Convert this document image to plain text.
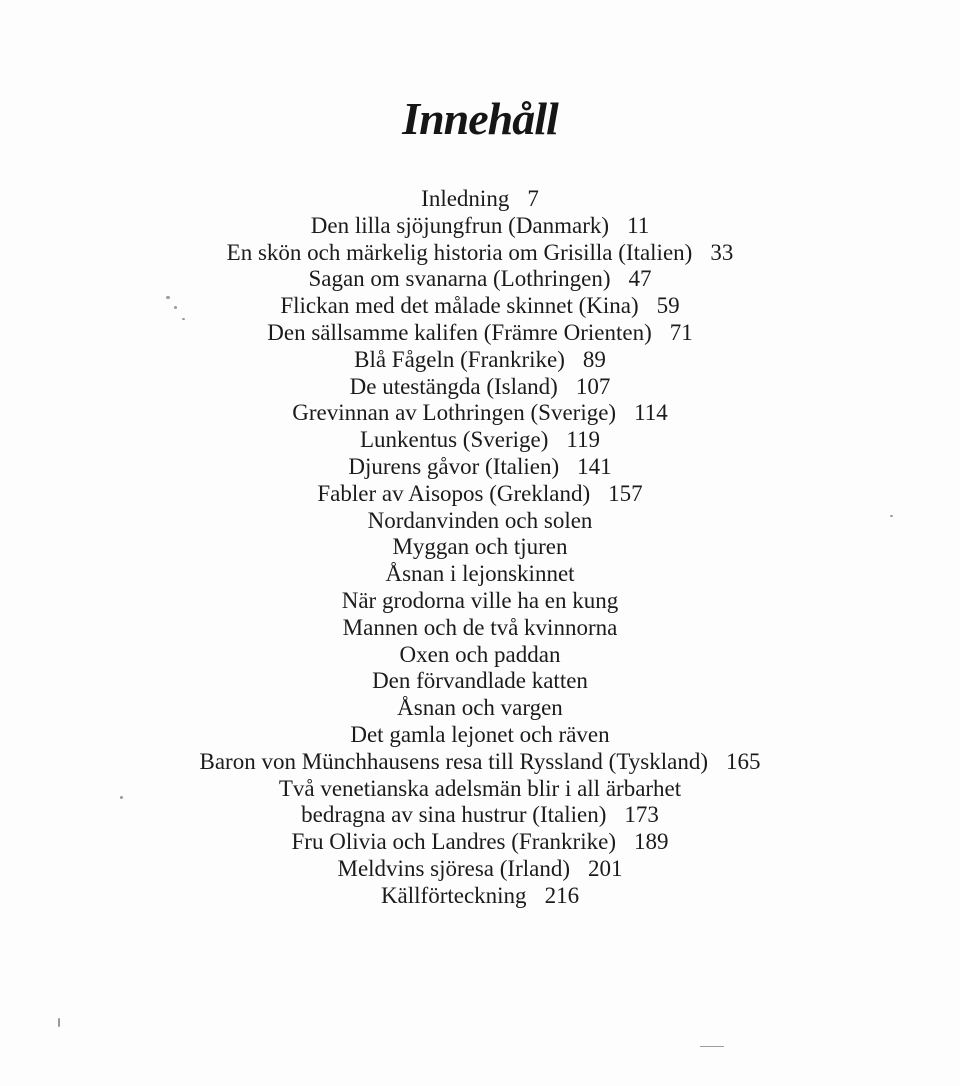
Innehåll
Inledning 7
Den lilla sjöjungfrun (Danmark) 11
En skön och märkelig historia om Grisilla (Italien) 33
Sagan om svanarna (Lothringen) 47
Flickan med det målade skinnet (Kina) 59
Den sällsamme kalifen (Främre Orienten) 71
Blå Fågeln (Frankrike) 89
De utestängda (Island) 107
Grevinnan av Lothringen (Sverige) 114
Lunkentus (Sverige) 119
Djurens gåvor (Italien) 141
Fabler av Aisopos (Grekland) 157
Nordanvinden och solen
Myggan och tjuren
Åsnan i lejonskinnet
När grodorna ville ha en kung
Mannen och de två kvinnorna
Oxen och paddan
Den förvandlade katten
Åsnan och vargen
Det gamla lejonet och räven
Baron von Münchhausens resa till Ryssland (Tyskland) 165
Två venetianska adelsmän blir i all ärbarhet
bedragna av sina hustrur (Italien) 173
Fru Olivia och Landres (Frankrike) 189
Meldvins sjöresa (Irland) 201
Källförteckning 216
